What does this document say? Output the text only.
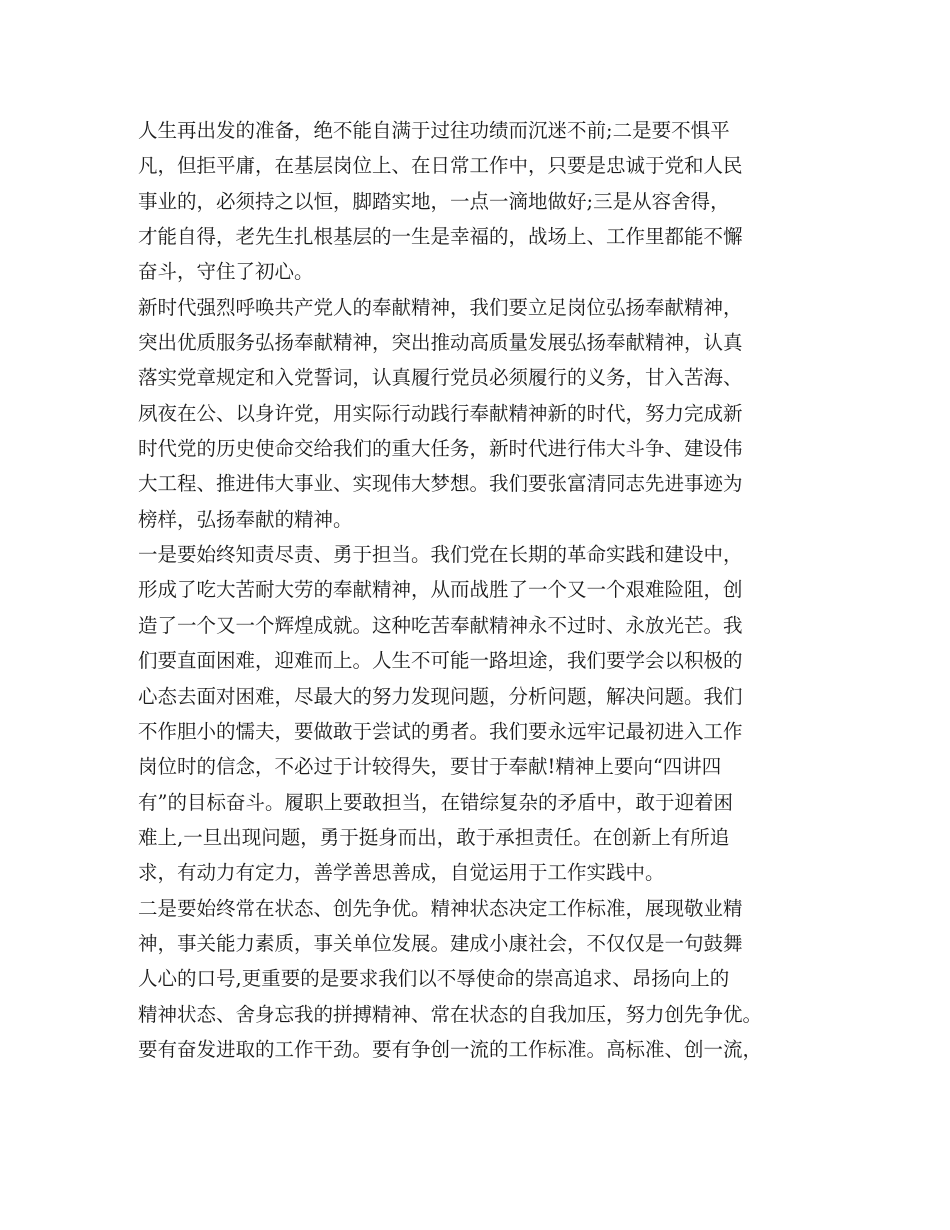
人生再出发的准备，绝不能自满于过往功绩而沉迷不前;二是要不惧平
凡，但拒平庸，在基层岗位上、在日常工作中，只要是忠诚于党和人民
事业的，必须持之以恒，脚踏实地，一点一滴地做好;三是从容舍得，
才能自得，老先生扎根基层的一生是幸福的，战场上、工作里都能不懈
奋斗，守住了初心。
新时代强烈呼唤共产党人的奉献精神，我们要立足岗位弘扬奉献精神，
突出优质服务弘扬奉献精神，突出推动高质量发展弘扬奉献精神，认真
落实党章规定和入党誓词，认真履行党员必须履行的义务，甘入苦海、
夙夜在公、以身许党，用实际行动践行奉献精神新的时代，努力完成新
时代党的历史使命交给我们的重大任务，新时代进行伟大斗争、建设伟
大工程、推进伟大事业、实现伟大梦想。我们要张富清同志先进事迹为
榜样，弘扬奉献的精神。
一是要始终知责尽责、勇于担当。我们党在长期的革命实践和建设中，
形成了吃大苦耐大劳的奉献精神，从而战胜了一个又一个艰难险阻，创
造了一个又一个辉煌成就。这种吃苦奉献精神永不过时、永放光芒。我
们要直面困难，迎难而上。人生不可能一路坦途，我们要学会以积极的
心态去面对困难，尽最大的努力发现问题，分析问题，解决问题。我们
不作胆小的懦夫，要做敢于尝试的勇者。我们要永远牢记最初进入工作
岗位时的信念，不必过于计较得失，要甘于奉献!精神上要向“四讲四
有”的目标奋斗。履职上要敢担当，在错综复杂的矛盾中，敢于迎着困
难上,一旦出现问题，勇于挺身而出，敢于承担责任。在创新上有所追
求，有动力有定力，善学善思善成，自觉运用于工作实践中。
二是要始终常在状态、创先争优。精神状态决定工作标准，展现敬业精
神，事关能力素质，事关单位发展。建成小康社会，不仅仅是一句鼓舞
人心的口号,更重要的是要求我们以不辱使命的崇高追求、昂扬向上的
精神状态、舍身忘我的拼搏精神、常在状态的自我加压，努力创先争优。
要有奋发进取的工作干劲。要有争创一流的工作标准。高标准、创一流，
